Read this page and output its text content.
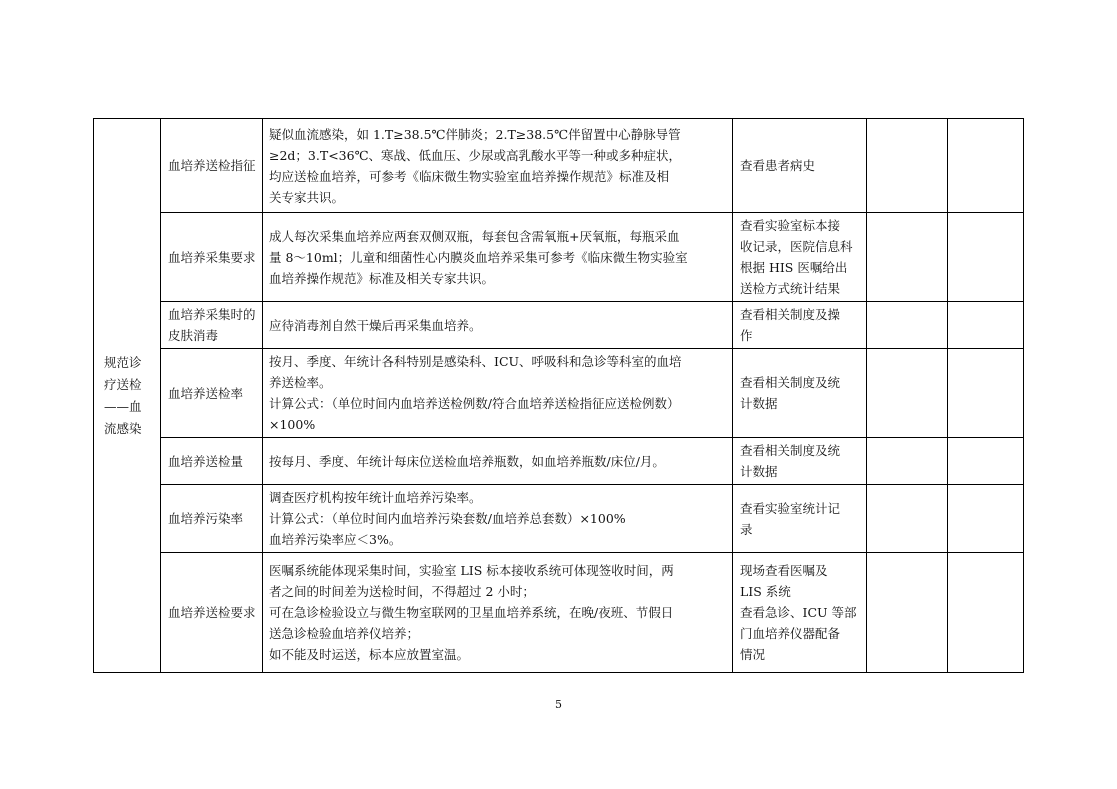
规范诊
疗送检
——血
流感染	血培养送检指征	疑似血流感染，如 1.T≥38.5℃伴肺炎；2.T≥38.5℃伴留置中心静脉导管
≥2d；3.T<36℃、寒战、低血压、少尿或高乳酸水平等一种或多种症状，
均应送检血培养，可参考《临床微生物实验室血培养操作规范》标准及相
关专家共识。	查看患者病史		

	血培养采集要求	成人每次采集血培养应两套双侧双瓶，每套包含需氧瓶+厌氧瓶，每瓶采血
量 8～10ml；儿童和细菌性心内膜炎血培养采集可参考《临床微生物实验室
血培养操作规范》标准及相关专家共识。	查看实验室标本接
收记录，医院信息科
根据 HIS 医嘱给出
送检方式统计结果		

	血培养采集时的皮肤消毒	应待消毒剂自然干燥后再采集血培养。	查看相关制度及操
作		

	血培养送检率	按月、季度、年统计各科特别是感染科、ICU、呼吸科和急诊等科室的血培
养送检率。
计算公式：（单位时间内血培养送检例数/符合血培养送检指征应送检例数）
×100%	查看相关制度及统
计数据		

	血培养送检量	按每月、季度、年统计每床位送检血培养瓶数，如血培养瓶数/床位/月。	查看相关制度及统
计数据		

	血培养污染率	调查医疗机构按年统计血培养污染率。
计算公式：（单位时间内血培养污染套数/血培养总套数）×100%
血培养污染率应＜3%。	查看实验室统计记
录		

	血培养送检要求	医嘱系统能体现采集时间，实验室 LIS 标本接收系统可体现签收时间，两
者之间的时间差为送检时间，不得超过 2 小时；
可在急诊检验设立与微生物室联网的卫星血培养系统，在晚/夜班、节假日
送急诊检验血培养仪培养；
如不能及时运送，标本应放置室温。	现场查看医嘱及
LIS 系统
查看急诊、ICU 等部
门血培养仪器配备
情况		

5
